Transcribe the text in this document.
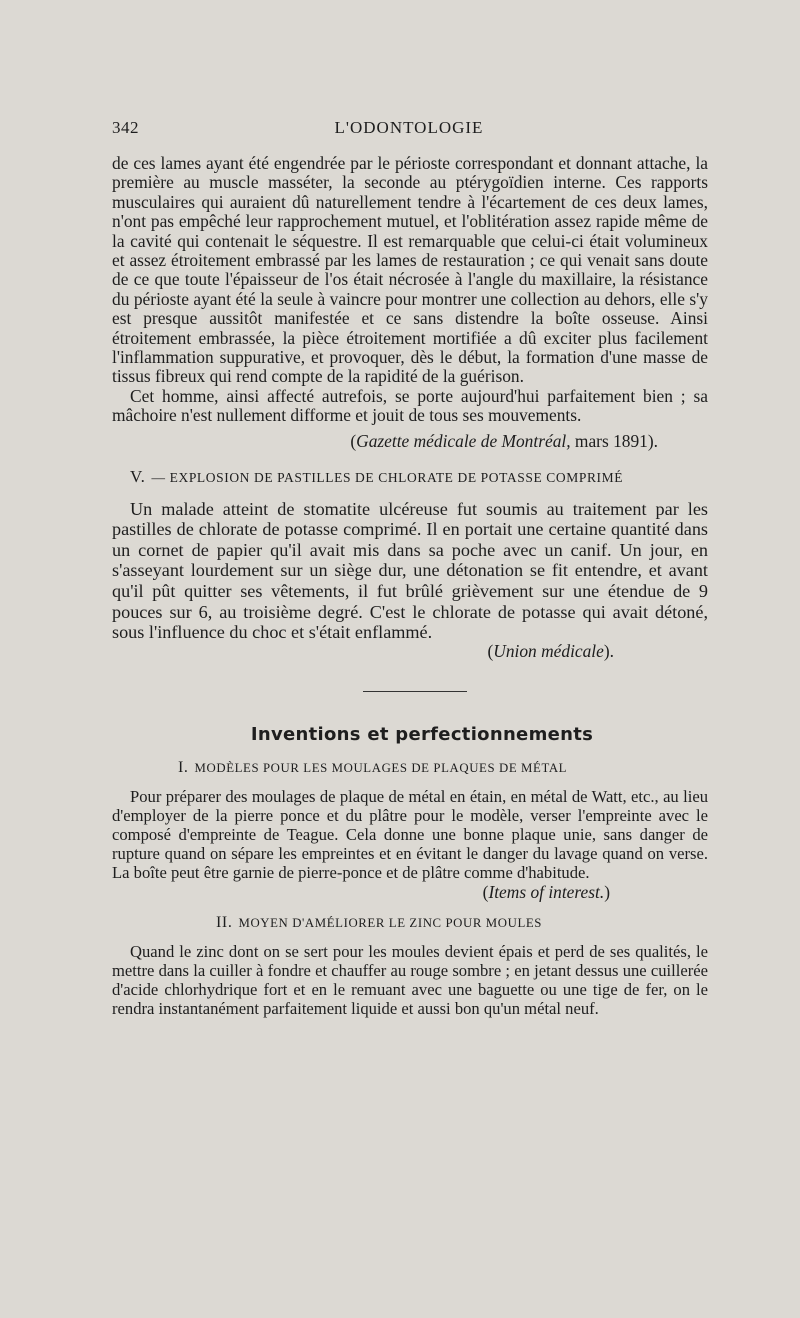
342	L'ODONTOLOGIE

de ces lames ayant été engendrée par le périoste correspondant et donnant attache, la première au muscle masséter, la seconde au ptérygoïdien interne. Ces rapports musculaires qui auraient dû naturellement tendre à l'écartement de ces deux lames, n'ont pas empêché leur rapprochement mutuel, et l'oblitération assez rapide même de la cavité qui contenait le séquestre. Il est remarquable que celui-ci était volumineux et assez étroitement embrassé par les lames de restauration ; ce qui venait sans doute de ce que toute l'épaisseur de l'os était nécrosée à l'angle du maxillaire, la résistance du périoste ayant été la seule à vaincre pour montrer une collection au dehors, elle s'y est presque aussitôt manifestée et ce sans distendre la boîte osseuse. Ainsi étroitement embrassée, la pièce étroitement mortifiée a dû exciter plus facilement l'inflammation suppurative, et provoquer, dès le début, la formation d'une masse de tissus fibreux qui rend compte de la rapidité de la guérison.

Cet homme, ainsi affecté autrefois, se porte aujourd'hui parfaitement bien ; sa mâchoire n'est nullement difforme et jouit de tous ses mouvements.

(Gazette médicale de Montréal, mars 1891).
V. — EXPLOSION DE PASTILLES DE CHLORATE DE POTASSE COMPRIMÉ

Un malade atteint de stomatite ulcéreuse fut soumis au traitement par les pastilles de chlorate de potasse comprimé. Il en portait une certaine quantité dans un cornet de papier qu'il avait mis dans sa poche avec un canif. Un jour, en s'asseyant lourdement sur un siège dur, une détonation se fit entendre, et avant qu'il pût quitter ses vêtements, il fut brûlé grièvement sur une étendue de 9 pouces sur 6, au troisième degré. C'est le chlorate de potasse qui avait détoné, sous l'influence du choc et s'était enflammé.

(Union médicale).
Inventions et perfectionnements
I. MODÈLES POUR LES MOULAGES DE PLAQUES DE MÉTAL

Pour préparer des moulages de plaque de métal en étain, en métal de Watt, etc., au lieu d'employer de la pierre ponce et du plâtre pour le modèle, verser l'empreinte avec le composé d'empreinte de Teague. Cela donne une bonne plaque unie, sans danger de rupture quand on sépare les empreintes et en évitant le danger du lavage quand on verse. La boîte peut être garnie de pierre-ponce et de plâtre comme d'habitude.

(Items of interest.)
II. MOYEN D'AMÉLIORER LE ZINC POUR MOULES

Quand le zinc dont on se sert pour les moules devient épais et perd de ses qualités, le mettre dans la cuiller à fondre et chauffer au rouge sombre ; en jetant dessus une cuillerée d'acide chlorhydrique fort et en le remuant avec une baguette ou une tige de fer, on le rendra instantanément parfaitement liquide et aussi bon qu'un métal neuf.
